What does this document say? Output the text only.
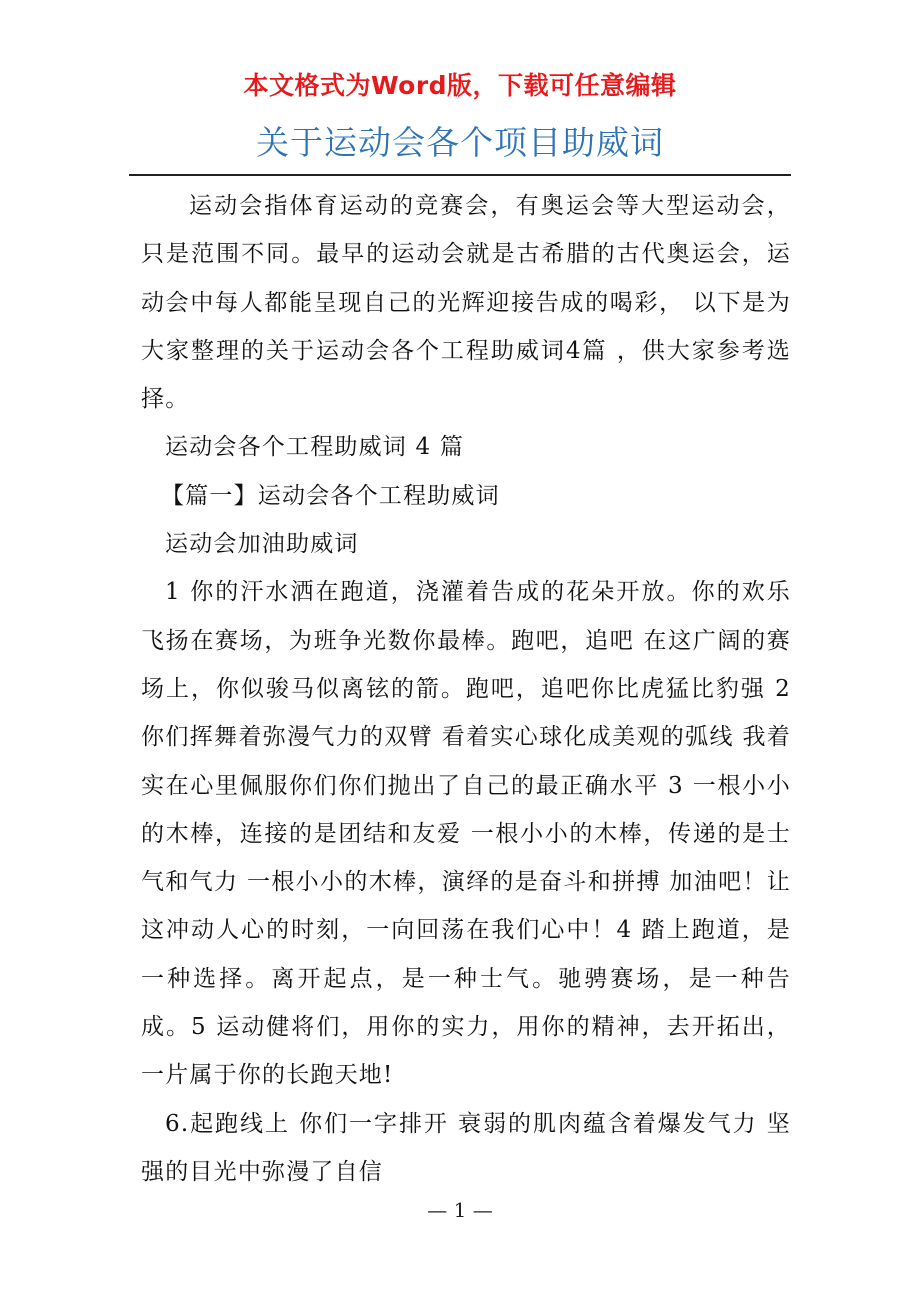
本文格式为Word版，下载可任意编辑
关于运动会各个项目助威词

运动会指体育运动的竞赛会，有奥运会等大型运动会，只是范围不同。最早的运动会就是古希腊的古代奥运会，运动会中每人都能呈现自己的光辉迎接告成的喝彩， 以下是为大家整理的关于运动会各个工程助威词4篇 ，供大家参考选择。

运动会各个工程助威词 4 篇

【篇一】运动会各个工程助威词

运动会加油助威词

1 你的汗水洒在跑道，浇灌着告成的花朵开放。你的欢乐飞扬在赛场，为班争光数你最棒。跑吧，追吧 在这广阔的赛场上，你似骏马似离铉的箭。跑吧，追吧你比虎猛比豹强 2 你们挥舞着弥漫气力的双臂 看着实心球化成美观的弧线 我着实在心里佩服你们你们抛出了自己的最正确水平 3 一根小小的木棒，连接的是团结和友爱 一根小小的木棒，传递的是士气和气力 一根小小的木棒，演绎的是奋斗和拼搏 加油吧！让这冲动人心的时刻，一向回荡在我们心中！4 踏上跑道，是一种选择。离开起点，是一种士气。驰骋赛场，是一种告成。5 运动健将们，用你的实力，用你的精神，去开拓出，一片属于你的长跑天地!

6.起跑线上 你们一字排开 衰弱的肌肉蕴含着爆发气力 坚强的目光中弥漫了自信

— 1 —
